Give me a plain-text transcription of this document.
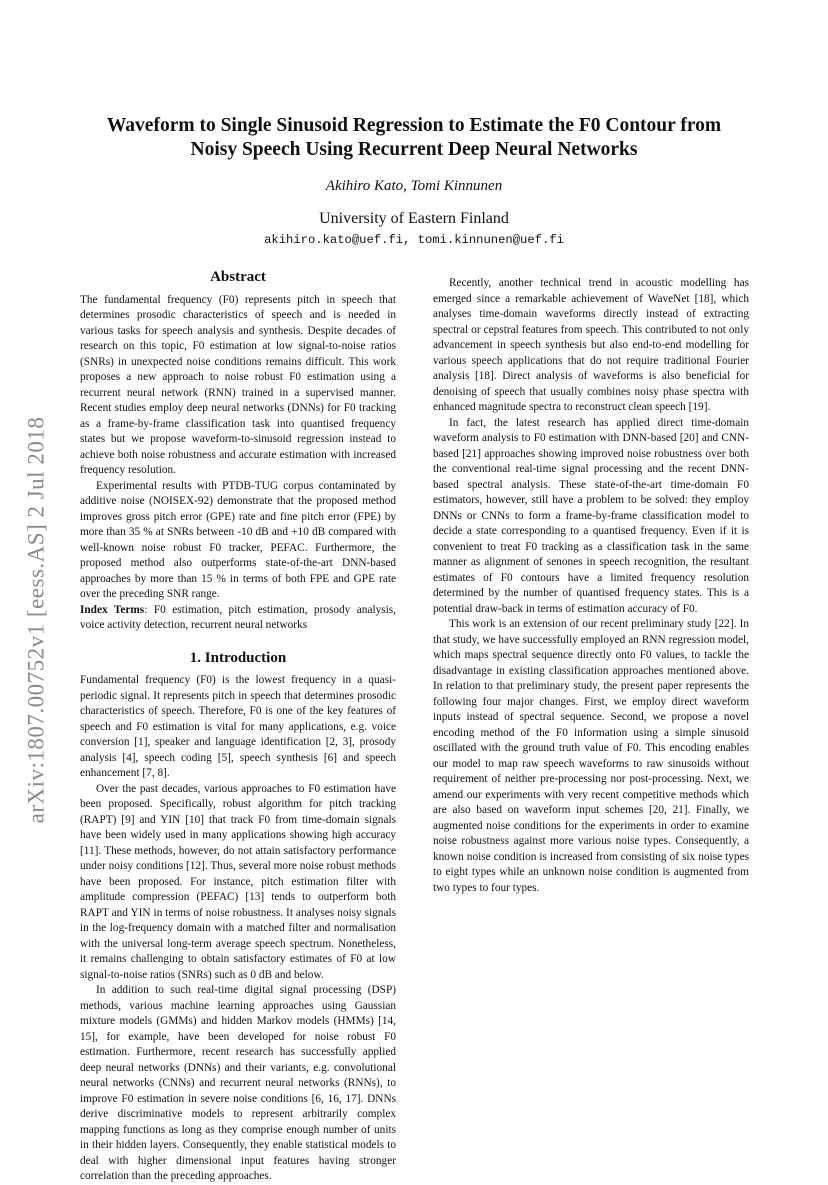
arXiv:1807.00752v1 [eess.AS] 2 Jul 2018
Waveform to Single Sinusoid Regression to Estimate the F0 Contour from Noisy Speech Using Recurrent Deep Neural Networks
Akihiro Kato, Tomi Kinnunen
University of Eastern Finland
akihiro.kato@uef.fi, tomi.kinnunen@uef.fi
Abstract

The fundamental frequency (F0) represents pitch in speech that determines prosodic characteristics of speech and is needed in various tasks for speech analysis and synthesis. Despite decades of research on this topic, F0 estimation at low signal-to-noise ratios (SNRs) in unexpected noise conditions remains difficult. This work proposes a new approach to noise robust F0 estimation using a recurrent neural network (RNN) trained in a supervised manner. Recent studies employ deep neural networks (DNNs) for F0 tracking as a frame-by-frame classification task into quantised frequency states but we propose waveform-to-sinusoid regression instead to achieve both noise robustness and accurate estimation with increased frequency resolution.

Experimental results with PTDB-TUG corpus contaminated by additive noise (NOISEX-92) demonstrate that the proposed method improves gross pitch error (GPE) rate and fine pitch error (FPE) by more than 35 % at SNRs between -10 dB and +10 dB compared with well-known noise robust F0 tracker, PEFAC. Furthermore, the proposed method also outperforms state-of-the-art DNN-based approaches by more than 15 % in terms of both FPE and GPE rate over the preceding SNR range.

Index Terms: F0 estimation, pitch estimation, prosody analysis, voice activity detection, recurrent neural networks

1. Introduction

Fundamental frequency (F0) is the lowest frequency in a quasi-periodic signal. It represents pitch in speech that determines prosodic characteristics of speech. Therefore, F0 is one of the key features of speech and F0 estimation is vital for many applications, e.g. voice conversion [1], speaker and language identification [2, 3], prosody analysis [4], speech coding [5], speech synthesis [6] and speech enhancement [7, 8].

Over the past decades, various approaches to F0 estimation have been proposed. Specifically, robust algorithm for pitch tracking (RAPT) [9] and YIN [10] that track F0 from time-domain signals have been widely used in many applications showing high accuracy [11]. These methods, however, do not attain satisfactory performance under noisy conditions [12]. Thus, several more noise robust methods have been proposed. For instance, pitch estimation filter with amplitude compression (PEFAC) [13] tends to outperform both RAPT and YIN in terms of noise robustness. It analyses noisy signals in the log-frequency domain with a matched filter and normalisation with the universal long-term average speech spectrum. Nonetheless, it remains challenging to obtain satisfactory estimates of F0 at low signal-to-noise ratios (SNRs) such as 0 dB and below.

In addition to such real-time digital signal processing (DSP) methods, various machine learning approaches using Gaussian mixture models (GMMs) and hidden Markov models (HMMs) [14, 15], for example, have been developed for noise robust F0 estimation. Furthermore, recent research has successfully applied deep neural networks (DNNs) and their variants, e.g. convolutional neural networks (CNNs) and recurrent neural networks (RNNs), to improve F0 estimation in severe noise conditions [6, 16, 17]. DNNs derive discriminative models to represent arbitrarily complex mapping functions as long as they comprise enough number of units in their hidden layers. Consequently, they enable statistical models to deal with higher dimensional input features having stronger correlation than the preceding approaches.

Recently, another technical trend in acoustic modelling has emerged since a remarkable achievement of WaveNet [18], which analyses time-domain waveforms directly instead of extracting spectral or cepstral features from speech. This contributed to not only advancement in speech synthesis but also end-to-end modelling for various speech applications that do not require traditional Fourier analysis [18]. Direct analysis of waveforms is also beneficial for denoising of speech that usually combines noisy phase spectra with enhanced magnitude spectra to reconstruct clean speech [19].

In fact, the latest research has applied direct time-domain waveform analysis to F0 estimation with DNN-based [20] and CNN-based [21] approaches showing improved noise robustness over both the conventional real-time signal processing and the recent DNN-based spectral analysis. These state-of-the-art time-domain F0 estimators, however, still have a problem to be solved: they employ DNNs or CNNs to form a frame-by-frame classification model to decide a state corresponding to a quantised frequency. Even if it is convenient to treat F0 tracking as a classification task in the same manner as alignment of senones in speech recognition, the resultant estimates of F0 contours have a limited frequency resolution determined by the number of quantised frequency states. This is a potential draw-back in terms of estimation accuracy of F0.

This work is an extension of our recent preliminary study [22]. In that study, we have successfully employed an RNN regression model, which maps spectral sequence directly onto F0 values, to tackle the disadvantage in existing classification approaches mentioned above. In relation to that preliminary study, the present paper represents the following four major changes. First, we employ direct waveform inputs instead of spectral sequence. Second, we propose a novel encoding method of the F0 information using a simple sinusoid oscillated with the ground truth value of F0. This encoding enables our model to map raw speech waveforms to raw sinusoids without requirement of neither pre-processing nor post-processing. Next, we amend our experiments with very recent competitive methods which are also based on waveform input schemes [20, 21]. Finally, we augmented noise conditions for the experiments in order to examine noise robustness against more various noise types. Consequently, a known noise condition is increased from consisting of six noise types to eight types while an unknown noise condition is augmented from two types to four types.
